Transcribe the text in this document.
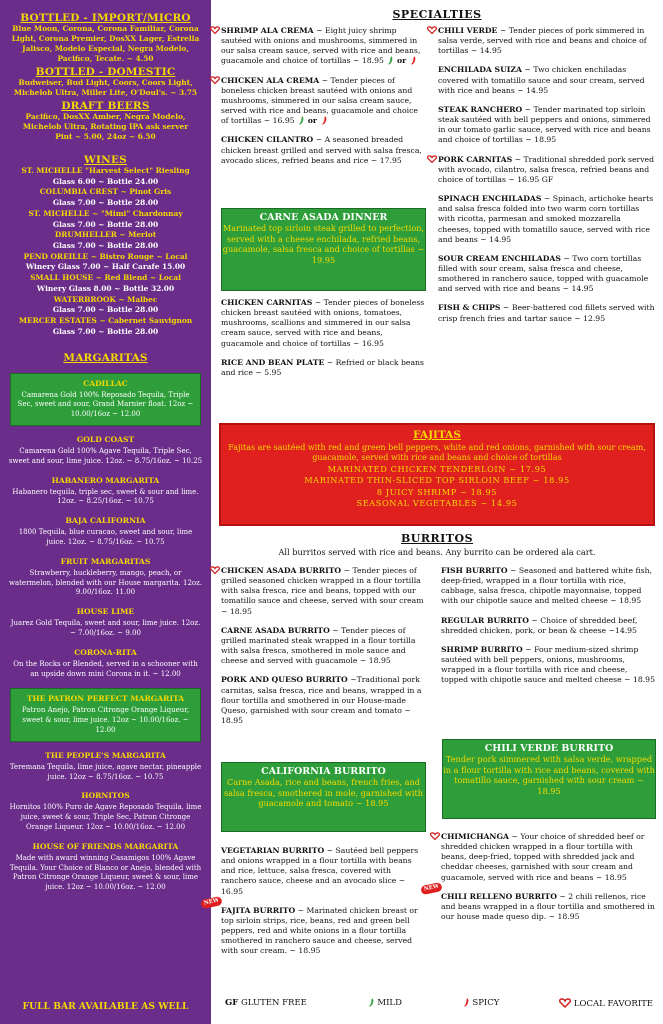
BOTTLED - IMPORT/MICRO
Blue Moon, Corona, Corona Familiar, Corona Light, Corona Premier, DosXX Lager, Estrella Jalisco, Modelo Especial, Negra Modelo, Pacifico, Tecate. ~ 4.50
BOTTLED - DOMESTIC
Budweiser, Bud Light, Coors, Coors Light, Michelob Ultra, Miller Lite, O'Doul's. ~ 3.75
DRAFT BEERS
Pacifico, DosXX Amber, Negra Modelo, Michelob Ultra, Rotating IPA ask server
Pint ~ 5.00, 24oz ~ 6.50
WINES
ST. MICHELLE "Harvest Select" Riesling
Glass 6.00 ~ Bottle 24.00
COLUMBIA CREST ~ Pinot Gris
Glass 7.00 ~ Bottle 28.00
ST. MICHELLE ~ "Mimi" Chardonnay
Glass 7.00 ~ Bottle 28.00
DRUMHELLER ~ Merlot
Glass 7.00 ~ Bottle 28.00
PEND OREILLE ~ Bistro Rouge ~ Local
Winery Glass 7.00 ~ Half Carafe 15.00
SMALL HOUSE ~ Red Blend ~ Local
Winery Glass 8.00 ~ Bottle 32.00
WATERBROOK ~ Malbec
Glass 7.00 ~ Bottle 28.00
MERCER ESTATES ~ Cabernet Sauvignon
Glass 7.00 ~ Bottle 28.00
MARGARITAS
CADILLAC
Camarena Gold 100% Reposado Tequila, Triple Sec, sweet and sour, Grand Marnier float. 12oz ~ 10.00/16oz ~ 12.00
GOLD COAST
Camarena Gold 100% Agave Tequila, Triple Sec, sweet and sour, lime juice. 12oz. ~ 8.75/16oz. ~ 10.25
HABANERO MARGARITA
Habanero tequila, triple sec, sweet & sour and lime. 12oz. ~ 8.25/16oz. ~ 10.75
BAJA CALIFORNIA
1800 Tequila, blue curacao, sweet and sour, lime juice. 12oz. ~ 8.75/16oz. ~ 10.75
FRUIT MARGARITAS
Strawberry, huckleberry, mango, peach, or watermelon, blended with our House margarita. 12oz. 9.00/16oz. 11.00
HOUSE LIME
Juarez Gold Tequila, sweet and sour, lime juice. 12oz. ~ 7.00/16oz. ~ 9.00
CORONA-RITA
On the Rocks or Blended, served in a schooner with an upside down mini Corona in it. ~ 12.00
THE PATRON PERFECT MARGARITA
Patron Anejo, Patron Citronge Orange Liqueur, sweet & sour, lime juice. 12oz ~ 10.00/16oz. ~ 12.00
THE PEOPLE'S MARGARITA
Teremana Tequila, lime juice, agave nectar, pineapple juice. 12oz ~ 8.75/16oz. ~ 10.75
HORNITOS
Hornitos 100% Puro de Agave Reposado Tequila, lime juice, sweet & sour, Triple Sec, Patron Citronge Orange Liqueur. 12oz ~ 10.00/16oz. ~ 12.00
HOUSE OF FRIENDS MARGARITA
Made with award winning Casamigos 100% Agave Tequila. Your Choice of Blanco or Anejo, blended with Patron Citronge Orange Liqueur, sweet & sour, lime juice. 12oz ~ 10.00/16oz. ~ 12.00
FULL BAR AVAILABLE AS WELL
SPECIALTIES
SHRIMP ALA CREMA ~ Eight juicy shrimp sautéed with onions and mushrooms, simmered in our salsa cream sauce, served with rice and beans, guacamole and choice of tortillas ~ 18.95  or
CHICKEN ALA CREMA ~ Tender pieces of boneless chicken breast sautéed with onions and mushrooms, simmered in our salsa cream sauce, served with rice and beans, guacamole and choice of tortillas ~ 16.95  or
CHICKEN CILANTRO ~ A seasoned breaded chicken breast grilled and served with salsa fresca, avocado slices, refried beans and rice ~ 17.95
CARNE ASADA DINNER
Marinated top sirloin steak grilled to perfection, served with a cheese enchilada, refried beans, guacamole, salsa fresca and choice of tortillas ~ 19.95
CHICKEN CARNITAS ~ Tender pieces of boneless chicken breast sautéed with onions, tomatoes, mushrooms, scallions and simmered in our salsa cream sauce, served with rice and beans, guacamole and choice of tortillas ~ 16.95
RICE AND BEAN PLATE ~ Refried or black beans and rice ~ 5.95
CHILI VERDE ~ Tender pieces of pork simmered in salsa verde, served with rice and beans and choice of tortillas ~ 14.95
ENCHILADA SUIZA ~ Two chicken enchiladas covered with tomatillo sauce and sour cream, served with rice and beans ~ 14.95
STEAK RANCHERO ~ Tender marinated top sirloin steak sautéed with bell peppers and onions, simmered in our tomato garlic sauce, served with rice and beans and choice of tortillas ~ 18.95
PORK CARNITAS ~ Traditional shredded pork served with avocado, cilantro, salsa fresca, refried beans and choice of tortillas ~ 16.95 GF
SPINACH ENCHILADAS ~ Spinach, artichoke hearts and salsa fresca folded into two warm corn tortillas with ricotta, parmesan and smoked mozzarella cheeses, topped with tomatillo sauce, served with rice and beans ~ 14.95
SOUR CREAM ENCHILADAS ~ Two corn tortillas filled with sour cream, salsa fresca and cheese, smothered in ranchero sauce, topped with guacamole and served with rice and beans ~ 14.95
FISH & CHIPS ~ Beer-battered cod fillets served with crisp french fries and tartar sauce ~ 12.95
FAJITAS
Fajitas are sautéed with red and green bell peppers, white and red onions, garnished with sour cream, guacamole, served with rice and beans and choice of tortillas
MARINATED CHICKEN TENDERLOIN ~ 17.95
MARINATED THIN-SLICED TOP SIRLOIN BEEF ~ 18.95
8 JUICY SHRIMP ~ 18.95
SEASONAL VEGETABLES ~ 14.95
BURRITOS
All burritos served with rice and beans. Any burrito can be ordered ala cart.
CHICKEN ASADA BURRITO ~ Tender pieces of grilled seasoned chicken wrapped in a flour tortilla with salsa fresca, rice and beans, topped with our tomatillo sauce and cheese, served with sour cream ~ 18.95
CARNE ASADA BURRITO ~ Tender pieces of grilled marinated steak wrapped in a flour tortilla with salsa fresca, smothered in mole sauce and cheese and served with guacamole ~ 18.95
PORK AND QUESO BURRITO ~Traditional pork carnitas, salsa fresca, rice and beans, wrapped in a flour tortilla and smothered in our House-made Queso, garnished with sour cream and tomato ~ 18.95
CALIFORNIA BURRITO
Carne Asada, rice and beans, french fries, and salsa fresca, smothered in mole, garnished with guacamole and tomato ~ 18.95
VEGETARIAN BURRITO ~ Sautéed bell peppers and onions wrapped in a flour tortilla with beans and rice, lettuce, salsa fresca, covered with ranchero sauce, cheese and an avocado slice ~ 16.95
NEW
FAJITA BURRITO ~ Marinated chicken breast or top sirloin strips, rice, beans, red and green bell peppers, red and white onions in a flour tortilla smothered in ranchero sauce and cheese, served with sour cream. ~ 18.95
FISH BURRITO ~ Seasoned and battered white fish, deep-fried, wrapped in a flour tortilla with rice, cabbage, salsa fresca, chipotle mayonnaise, topped with our chipotle sauce and melted cheese ~ 18.95
REGULAR BURRITO ~ Choice of shredded beef, shredded chicken, pork, or bean & cheese ~14.95
SHRIMP BURRITO ~ Four medium-sized shrimp sautéed with bell peppers, onions, mushrooms, wrapped in a flour tortilla with rice and cheese, topped with chipotle sauce and melted cheese ~ 18.95
CHILI VERDE BURRITO
Tender pork simmered with salsa verde, wrapped in a flour tortilla with rice and beans, covered with tomatillo sauce, garnished with sour cream ~ 18.95
CHIMICHANGA ~ Your choice of shredded beef or shredded chicken wrapped in a flour tortilla with beans, deep-fried, topped with shredded jack and cheddar cheeses, garnished with sour cream and guacamole, served with rice and beans ~ 18.95
NEW
CHILI RELLENO BURRITO ~ 2 chili rellenos, rice and beans wrapped in a flour tortilla and smothered in our house made queso dip. ~ 18.95
GF GLUTEN FREE	MILD	SPICY	LOCAL FAVORITE
